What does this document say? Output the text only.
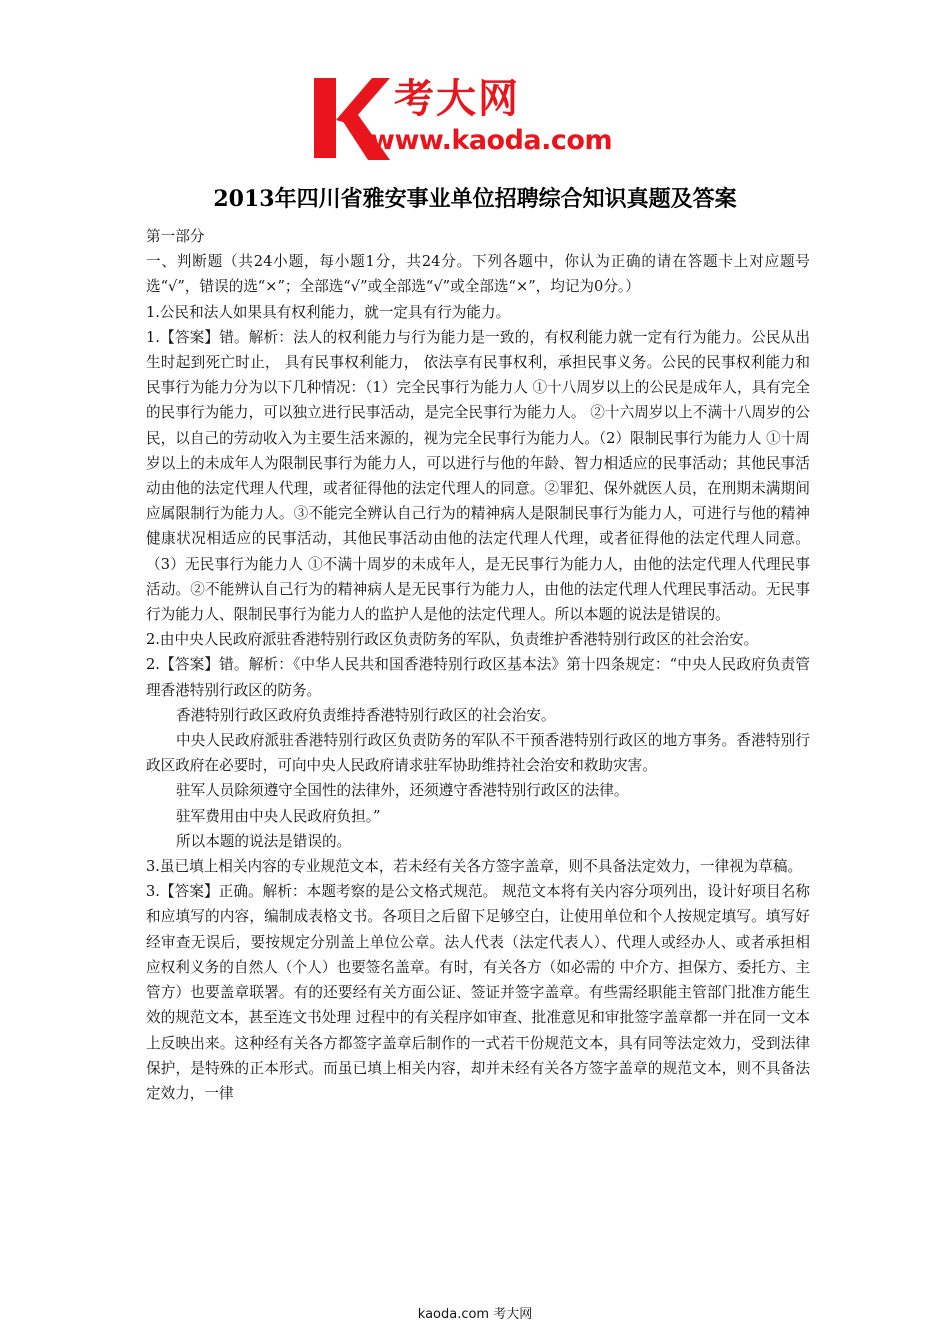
考大网
www.kaoda.com
2013年四川省雅安事业单位招聘综合知识真题及答案

第一部分

一、判断题（共24小题，每小题1分，共24分。下列各题中，你认为正确的请在答题卡上对应题号选“√”，错误的选“×”；全部选“√”或全部选“√”或全部选“×”，均记为0分。）

1.公民和法人如果具有权利能力，就一定具有行为能力。

1.【答案】错。解析：法人的权利能力与行为能力是一致的，有权利能力就一定有行为能力。公民从出生时起到死亡时止， 具有民事权利能力， 依法享有民事权利，承担民事义务。公民的民事权利能力和民事行为能力分为以下几种情况：（1）完全民事行为能力人 ①十八周岁以上的公民是成年人，具有完全的民事行为能力，可以独立进行民事活动，是完全民事行为能力人。 ②十六周岁以上不满十八周岁的公民，以自己的劳动收入为主要生活来源的，视为完全民事行为能力人。（2）限制民事行为能力人 ①十周岁以上的未成年人为限制民事行为能力人，可以进行与他的年龄、智力相适应的民事活动；其他民事活动由他的法定代理人代理，或者征得他的法定代理人的同意。②罪犯、保外就医人员，在刑期未满期间应属限制行为能力人。③不能完全辨认自己行为的精神病人是限制民事行为能力人，可进行与他的精神健康状况相适应的民事活动，其他民事活动由他的法定代理人代理，或者征得他的法定代理人同意。（3）无民事行为能力人 ①不满十周岁的未成年人，是无民事行为能力人，由他的法定代理人代理民事活动。②不能辨认自己行为的精神病人是无民事行为能力人，由他的法定代理人代理民事活动。无民事行为能力人、限制民事行为能力人的监护人是他的法定代理人。所以本题的说法是错误的。

2.由中央人民政府派驻香港特别行政区负责防务的军队，负责维护香港特别行政区的社会治安。

2.【答案】错。解析：《中华人民共和国香港特别行政区基本法》第十四条规定：“中央人民政府负责管理香港特别行政区的防务。

香港特别行政区政府负责维持香港特别行政区的社会治安。

中央人民政府派驻香港特别行政区负责防务的军队不干预香港特别行政区的地方事务。香港特别行政区政府在必要时，可向中央人民政府请求驻军协助维持社会治安和救助灾害。

驻军人员除须遵守全国性的法律外，还须遵守香港特别行政区的法律。

驻军费用由中央人民政府负担。”

所以本题的说法是错误的。

3.虽已填上相关内容的专业规范文本，若未经有关各方签字盖章，则不具备法定效力，一律视为草稿。

3.【答案】正确。解析：本题考察的是公文格式规范。 规范文本将有关内容分项列出，设计好项目名称和应填写的内容，编制成表格文书。各项目之后留下足够空白，让使用单位和个人按规定填写。填写好经审查无误后，要按规定分别盖上单位公章。法人代表（法定代表人）、代理人或经办人、或者承担相应权利义务的自然人（个人）也要签名盖章。有时，有关各方（如必需的 中介方、担保方、委托方、主管方）也要盖章联署。有的还要经有关方面公证、签证并签字盖章。有些需经职能主管部门批准方能生效的规范文本，甚至连文书处理 过程中的有关程序如审查、批准意见和审批签字盖章都一并在同一文本上反映出来。这种经有关各方都签字盖章后制作的一式若干份规范文本，具有同等法定效力，受到法律保护，是特殊的正本形式。而虽已填上相关内容，却并未经有关各方签字盖章的规范文本，则不具备法定效力，一律

kaoda.com 考大网
